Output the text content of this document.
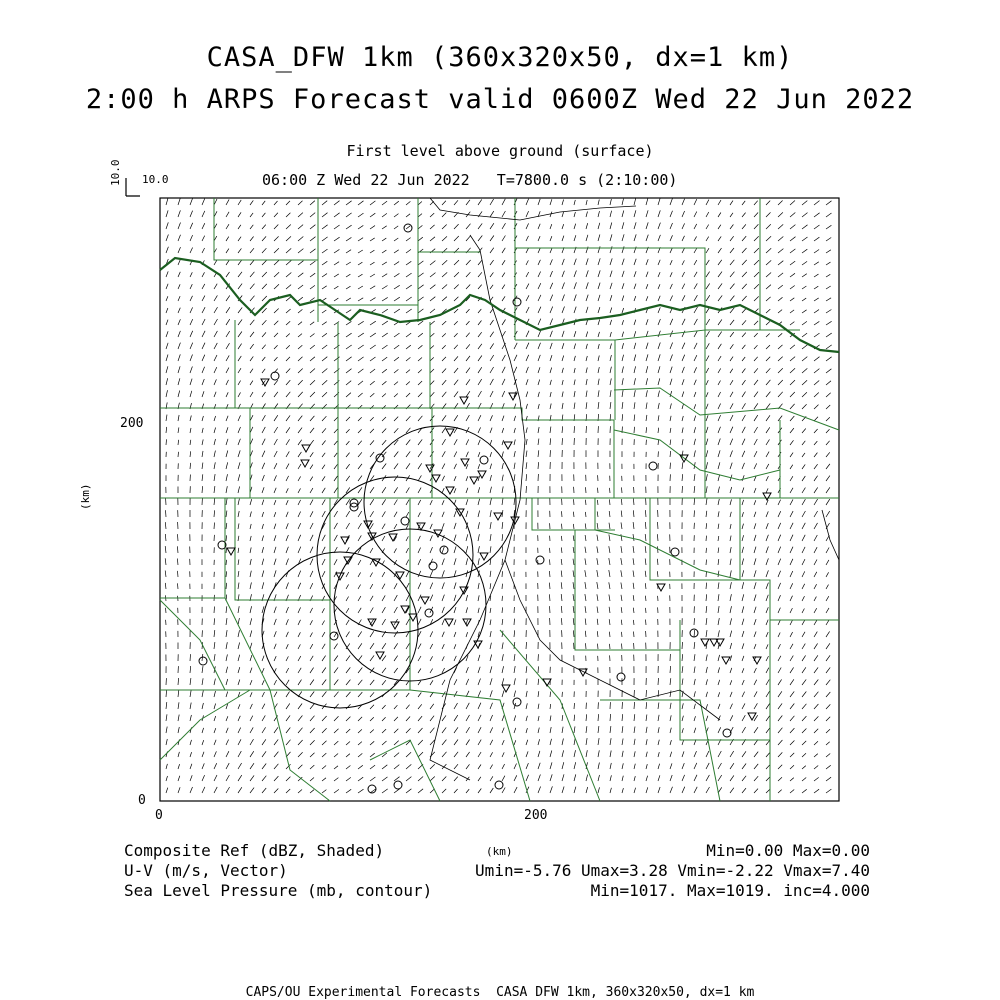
CASA_DFW 1km (360x320x50, dx=1 km)
2:00 h ARPS Forecast valid 0600Z Wed 22 Jun 2022
First level above ground (surface)
06:00 Z Wed 22 Jun 2022   T=7800.0 s (2:10:00)
10.0
10.0
200
0
0	200
(km)
(km)
Composite Ref (dBZ, Shaded)
U-V (m/s, Vector)
Sea Level Pressure (mb, contour)
Min=0.00 Max=0.00
Umin=-5.76 Umax=3.28 Vmin=-2.22 Vmax=7.40
Min=1017. Max=1019. inc=4.000
CAPS/OU Experimental Forecasts  CASA DFW 1km, 360x320x50, dx=1 km
